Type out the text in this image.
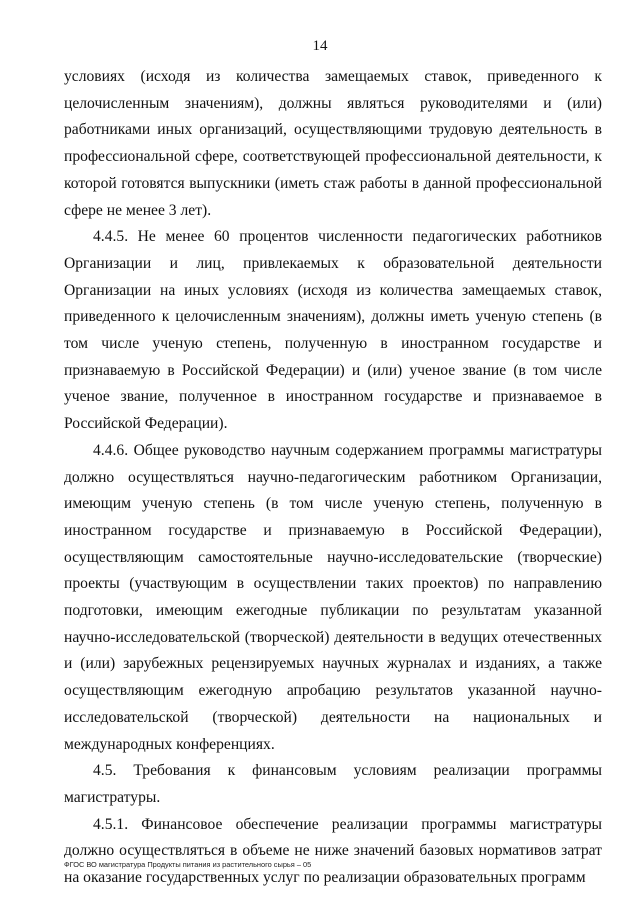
14

условиях (исходя из количества замещаемых ставок, приведенного к целочисленным значениям), должны являться руководителями и (или) работниками иных организаций, осуществляющими трудовую деятельность в профессиональной сфере, соответствующей профессиональной деятельности, к которой готовятся выпускники (иметь стаж работы в данной профессиональной сфере не менее 3 лет).

4.4.5. Не менее 60 процентов численности педагогических работников Организации и лиц, привлекаемых к образовательной деятельности Организации на иных условиях (исходя из количества замещаемых ставок, приведенного к целочисленным значениям), должны иметь ученую степень (в том числе ученую степень, полученную в иностранном государстве и признаваемую в Российской Федерации) и (или) ученое звание (в том числе ученое звание, полученное в иностранном государстве и признаваемое в Российской Федерации).

4.4.6. Общее руководство научным содержанием программы магистратуры должно осуществляться научно-педагогическим работником Организации, имеющим ученую степень (в том числе ученую степень, полученную в иностранном государстве и признаваемую в Российской Федерации), осуществляющим самостоятельные научно-исследовательские (творческие) проекты (участвующим в осуществлении таких проектов) по направлению подготовки, имеющим ежегодные публикации по результатам указанной научно-исследовательской (творческой) деятельности в ведущих отечественных и (или) зарубежных рецензируемых научных журналах и изданиях, а также осуществляющим ежегодную апробацию результатов указанной научно-исследовательской (творческой) деятельности на национальных и международных конференциях.

4.5. Требования к финансовым условиям реализации программы магистратуры.

4.5.1. Финансовое обеспечение реализации программы магистратуры должно осуществляться в объеме не ниже значений базовых нормативов затрат на оказание государственных услуг по реализации образовательных программ

ФГОС ВО магистратура Продукты питания из растительного сырья – 05
